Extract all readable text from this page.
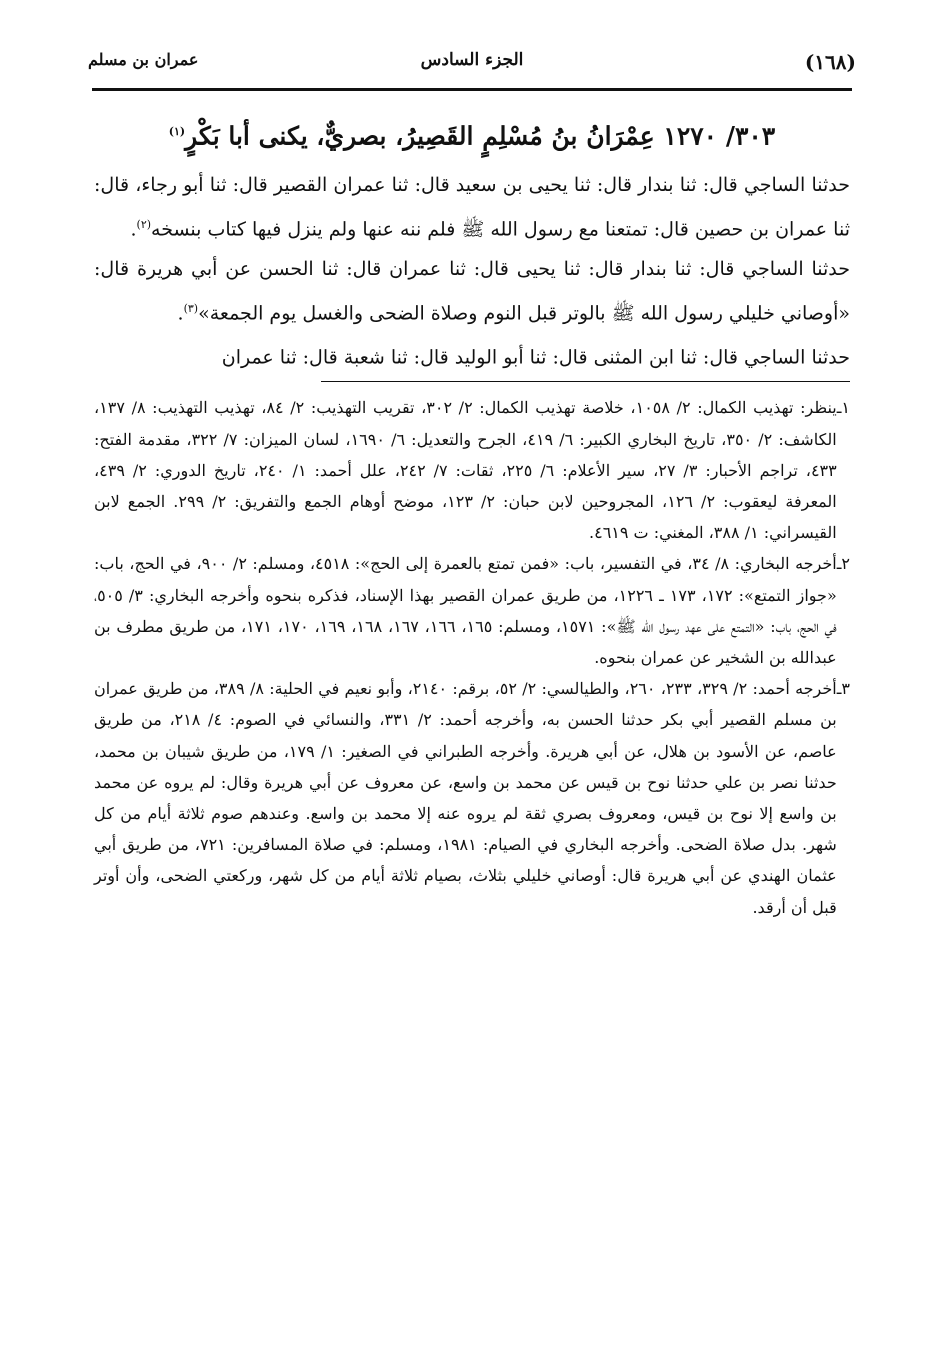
(١٦٨)
الجزء السادس
عمران بن مسلم
٣٠٣/ ١٢٧٠ عِمْرَانُ بنُ مُسْلِمٍ القَصِيرُ، بصريٌّ، يكنى أبا بَكْرٍ$^{(١)}$

حدثنا الساجي قال: ثنا بندار قال: ثنا يحيى بن سعيد قال: ثنا عمران القصير قال: ثنا أبو رجاء، قال: ثنا عمران بن حصين قال: تمتعنا مع رسول الله ﷺ فلم ننه عنها ولم ينزل فيها كتاب بنسخه$^{(٢)}$.

حدثنا الساجي قال: ثنا بندار قال: ثنا يحيى قال: ثنا عمران قال: ثنا الحسن عن أبي هريرة قال: «أوصاني خليلي رسول الله ﷺ بالوتر قبل النوم وصلاة الضحى والغسل يوم الجمعة»$^{(٣)}$.

حدثنا الساجي قال: ثنا ابن المثنى قال: ثنا أبو الوليد قال: ثنا شعبة قال: ثنا عمران

١ـ
ينظر: تهذيب الكمال: ٢/ ١٠٥٨، خلاصة تهذيب الكمال: ٢/ ٣٠٢، تقريب التهذيب: ٢/ ٨٤، تهذيب التهذيب: ٨/ ١٣٧، الكاشف: ٢/ ٣٥٠، تاريخ البخاري الكبير: ٦/ ٤١٩، الجرح والتعديل: ٦/ ١٦٩٠، لسان الميزان: ٧/ ٣٢٢، مقدمة الفتح: ٤٣٣، تراجم الأحبار: ٣/ ٢٧، سير الأعلام: ٦/ ٢٢٥، ثقات: ٧/ ٢٤٢، علل أحمد: ١/ ٢٤٠، تاريخ الدوري: ٢/ ٤٣٩، المعرفة ليعقوب: ٢/ ١٢٦، المجروحين لابن حبان: ٢/ ١٢٣، موضح أوهام الجمع والتفريق: ٢/ ٢٩٩. الجمع لابن القيسراني: ١/ ٣٨٨، المغني: ت ٤٦١٩.
٢ـ
أخرجه البخاري: ٨/ ٣٤، في التفسير، باب: «فمن تمتع بالعمرة إلى الحج»: ٤٥١٨، ومسلم: ٢/ ٩٠٠، في الحج، باب: «جواز التمتع»: ١٧٢، ١٧٣ ـ ١٢٢٦، من طريق عمران القصير بهذا الإسناد، فذكره بنحوه وأخرجه البخاري: ٣/ ٥٠٥، في الحج، باب: «التمتع على عهد رسول الله ﷺ»: ١٥٧١، ومسلم: ١٦٥، ١٦٦، ١٦٧، ١٦٨، ١٦٩، ١٧٠، ١٧١، من طريق مطرف بن عبدالله بن الشخير عن عمران بنحوه.
٣ـ
أخرجه أحمد: ٢/ ٣٢٩، ٢٣٣، ٢٦٠، والطيالسي: ٢/ ٥٢، برقم: ٢١٤٠، وأبو نعيم في الحلية: ٨/ ٣٨٩، من طريق عمران بن مسلم القصير أبي بكر حدثنا الحسن به، وأخرجه أحمد: ٢/ ٣٣١، والنسائي في الصوم: ٤/ ٢١٨، من طريق عاصم، عن الأسود بن هلال، عن أبي هريرة. وأخرجه الطبراني في الصغير: ١/ ١٧٩، من طريق شيبان بن محمد، حدثنا نصر بن علي حدثنا نوح بن قيس عن محمد بن واسع، عن معروف عن أبي هريرة وقال: لم يروه عن محمد بن واسع إلا نوح بن قيس، ومعروف بصري ثقة لم يروه عنه إلا محمد بن واسع. وعندهم صوم ثلاثة أيام من كل شهر. بدل صلاة الضحى. وأخرجه البخاري في الصيام: ١٩٨١، ومسلم: في صلاة المسافرين: ٧٢١، من طريق أبي عثمان الهندي عن أبي هريرة قال: أوصاني خليلي بثلاث، بصيام ثلاثة أيام من كل شهر، وركعتي الضحى، وأن أوتر قبل أن أرقد.
